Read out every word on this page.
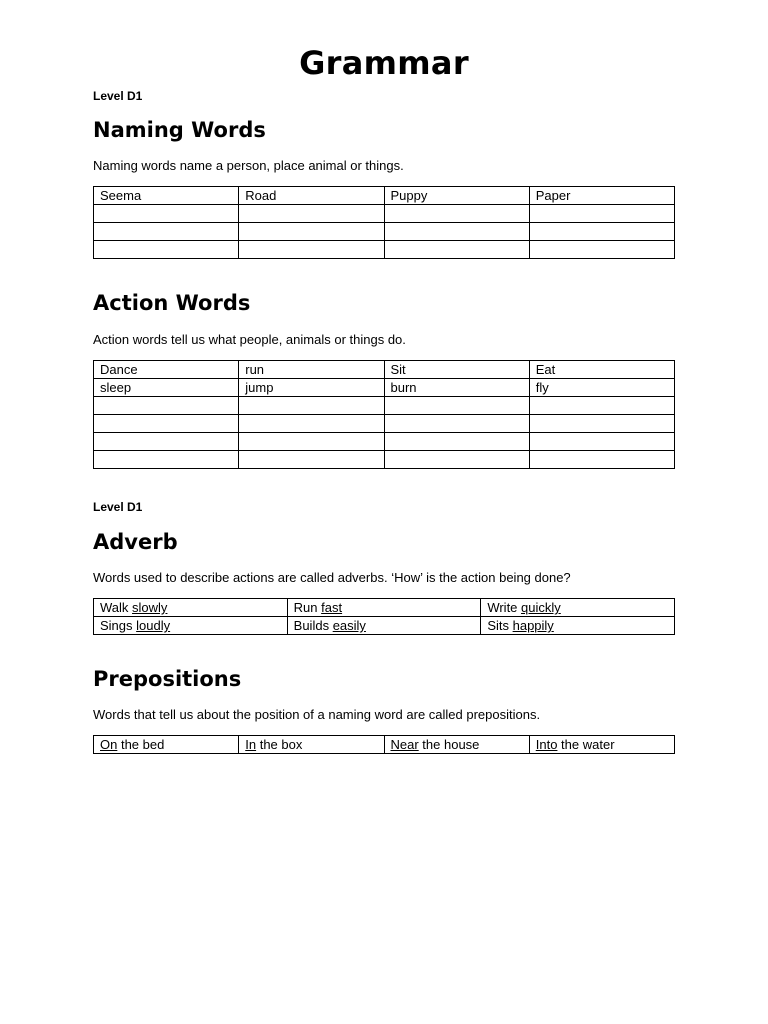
Grammar
Level D1
Naming Words
Naming words name a person, place animal or things.
Seema	Road	Puppy	Paper

Action Words
Action words tell us what people, animals or things do.
Dance	run	Sit	Eat
sleep	jump	burn	fly

Level D1
Adverb
Words used to describe actions are called adverbs. ‘How’ is the action being done?
Walk slowly	Run fast	Write quickly
Sings loudly	Builds easily	Sits happily
Prepositions
Words that tell us about the position of a naming word are called prepositions.
On the bed	In the box	Near the house	Into the water
